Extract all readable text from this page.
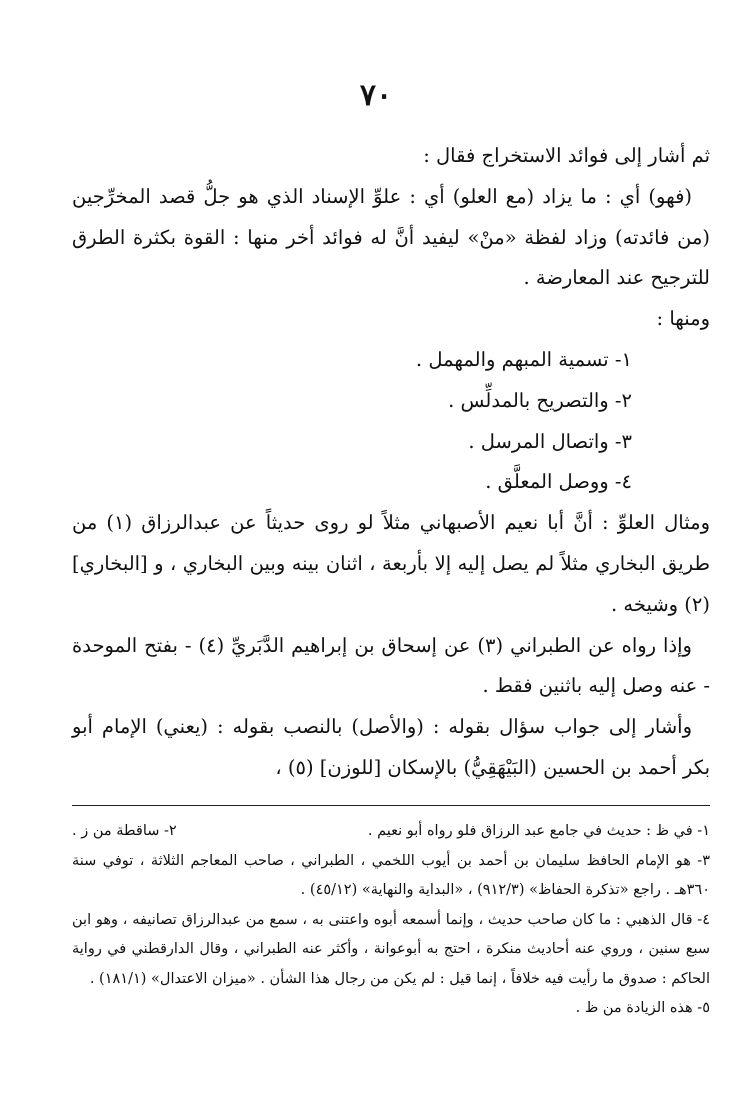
٧٠

ثم أشار إلى فوائد الاستخراج فقال :

(فهو) أي : ما يزاد (مع العلو) أي : علوِّ الإسناد الذي هو جلُّ قصد المخرِّجين (من فائدته) وزاد لفظة «منْ» ليفيد أنَّ له فوائد أخر منها : القوة بكثرة الطرق للترجيح عند المعارضة .

ومنها :

١- تسمية المبهم والمهمل .

٢- والتصريح بالمدلِّس .

٣- واتصال المرسل .

٤- ووصل المعلَّق .

ومثال العلوِّ : أنَّ أبا نعيم الأصبهاني مثلاً لو روى حديثاً عن عبدالرزاق (١) من طريق البخاري مثلاً لم يصل إليه إلا بأربعة ، اثنان بينه وبين البخاري ، و [البخاري] (٢) وشيخه .

وإذا رواه عن الطبراني (٣) عن إسحاق بن إبراهيم الدَّبَريِّ (٤) - بفتح الموحدة - عنه وصل إليه باثنين فقط .

وأشار إلى جواب سؤال بقوله : (والأصل) بالنصب بقوله : (يعني) الإمام أبو بكر أحمد بن الحسين (البَيْهَقِيُّ) بالإسكان [للوزن] (٥) ،

١- في ظ : حديث في جامع عبد الرزاق فلو رواه أبو نعيم .
٢- ساقطة من ز .

٣- هو الإمام الحافظ سليمان بن أحمد بن أيوب اللخمي ، الطبراني ، صاحب المعاجم الثلاثة ، توفي سنة ٣٦٠هـ . راجع «تذكرة الحفاظ» (٩١٢/٣) ، «البداية والنهاية» (٤٥/١٢) .

٤- قال الذهبي : ما كان صاحب حديث ، وإنما أسمعه أبوه واعتنى به ، سمع من عبدالرزاق تصانيفه ، وهو ابن سبع سنين ، وروي عنه أحاديث منكرة ، احتج به أبوعوانة ، وأكثر عنه الطبراني ، وقال الدارقطني في رواية الحاكم : صدوق ما رأيت فيه خلافاً ، إنما قيل : لم يكن من رجال هذا الشأن . «ميزان الاعتدال» (١٨١/١) .

٥- هذه الزيادة من ظ .
